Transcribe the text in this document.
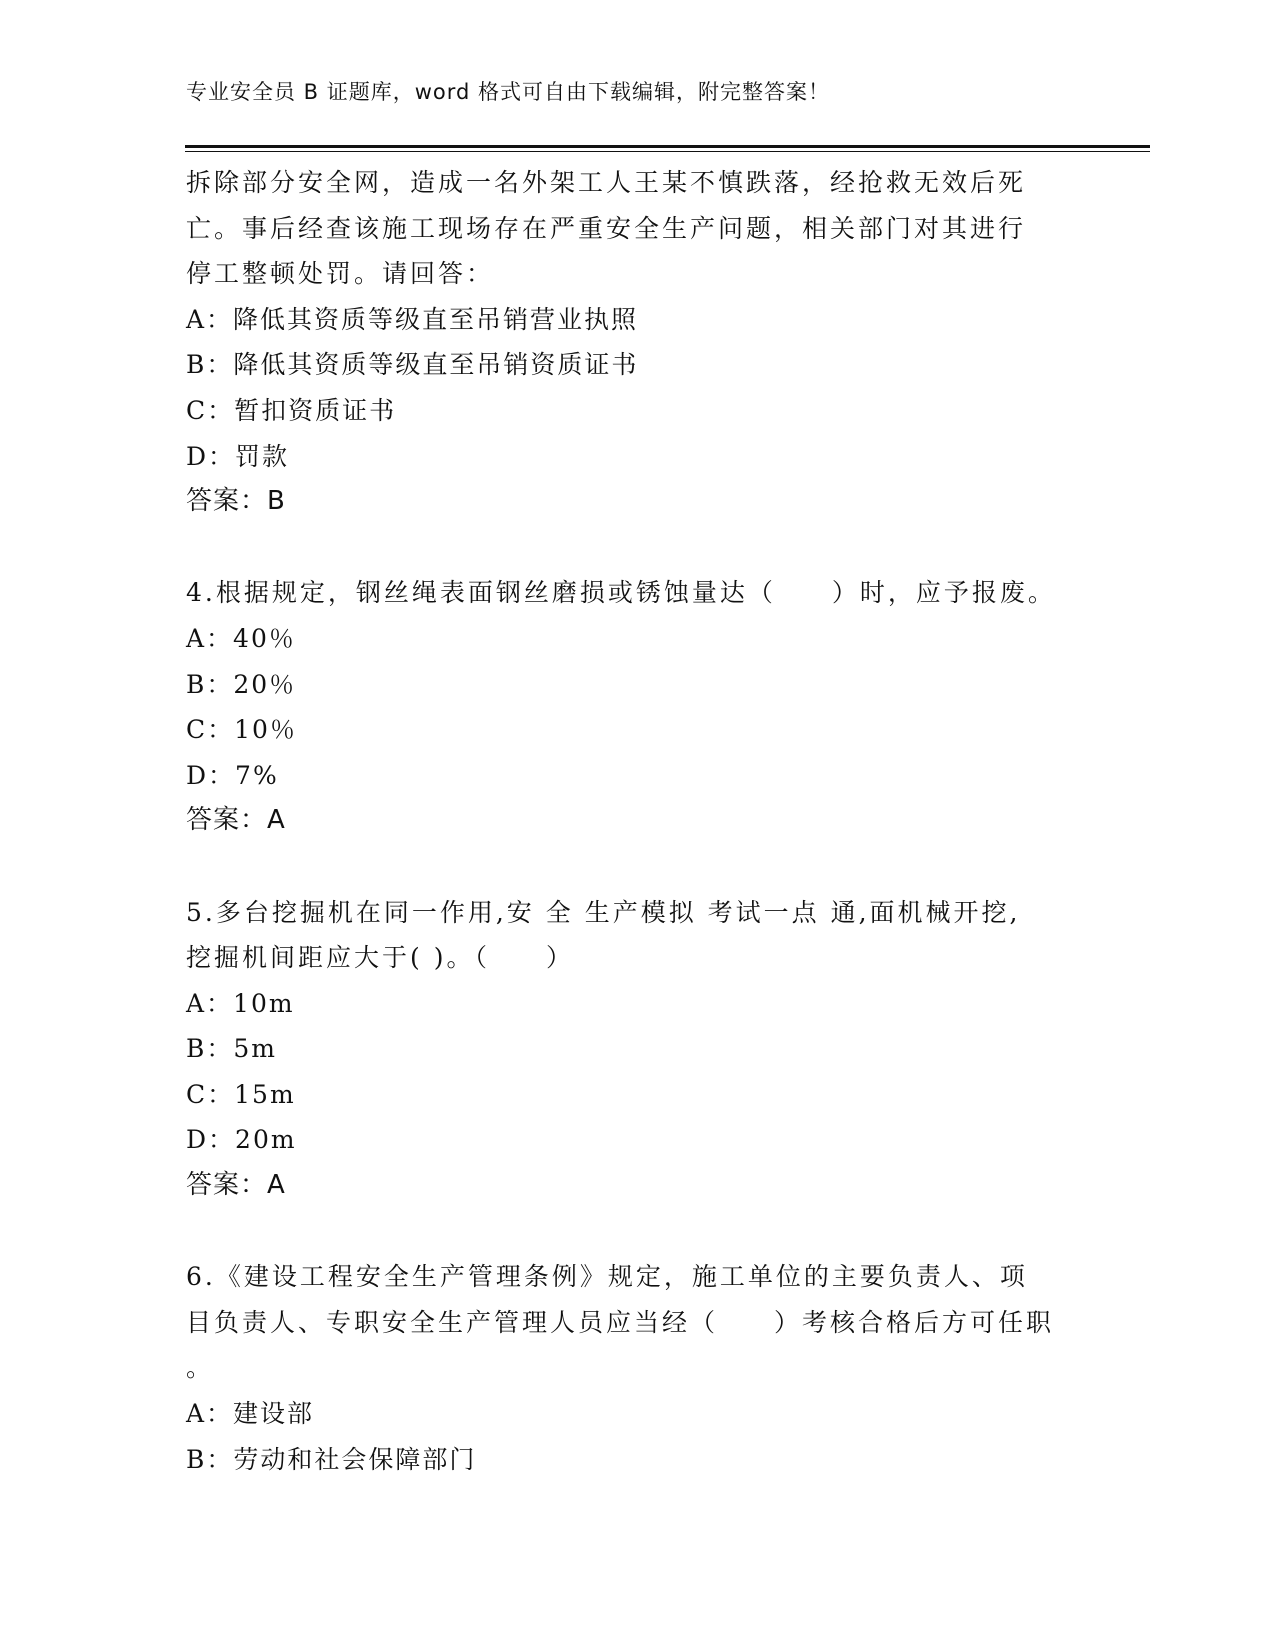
专业安全员 B 证题库，word 格式可自由下载编辑，附完整答案！
拆除部分安全网，造成一名外架工人王某不慎跌落，经抢救无效后死
亡。事后经查该施工现场存在严重安全生产问题，相关部门对其进行
停工整顿处罚。请回答：
A：降低其资质等级直至吊销营业执照
B：降低其资质等级直至吊销资质证书
C：暂扣资质证书
D：罚款
答案：B
4.根据规定，钢丝绳表面钢丝磨损或锈蚀量达（　　）时，应予报废。
A：40％
B：20％
C：10％
D：7%
答案：A
5.多台挖掘机在同一作用,安 全 生产模拟 考试一点 通,面机械开挖,
挖掘机间距应大于( )。（　　）
A：10m
B：5m
C：15m
D：20m
答案：A
6.《建设工程安全生产管理条例》规定，施工单位的主要负责人、项
目负责人、专职安全生产管理人员应当经（　　）考核合格后方可任职
。
A：建设部
B：劳动和社会保障部门
